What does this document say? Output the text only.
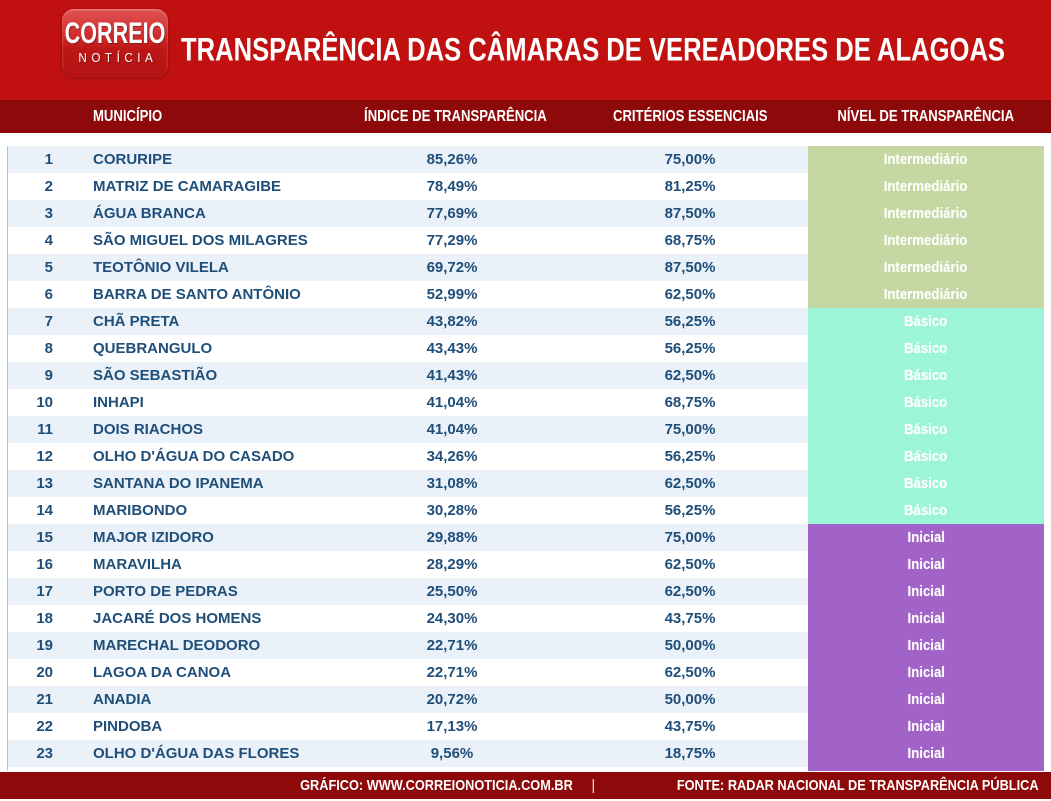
CORREIO
NOTÍCIA TRANSPARÊNCIA DAS CÂMARAS DE VEREADORES DE ALAGOAS
MUNICÍPIO	ÍNDICE DE TRANSPARÊNCIA	CRITÉRIOS ESSENCIAIS	NÍVEL DE TRANSPARÊNCIA
1	CORURIPE	85,26%	75,00%	Intermediário
2	MATRIZ DE CAMARAGIBE	78,49%	81,25%	Intermediário
3	ÁGUA BRANCA	77,69%	87,50%	Intermediário
4	SÃO MIGUEL DOS MILAGRES	77,29%	68,75%	Intermediário
5	TEOTÔNIO VILELA	69,72%	87,50%	Intermediário
6	BARRA DE SANTO ANTÔNIO	52,99%	62,50%	Intermediário
7	CHÃ PRETA	43,82%	56,25%	Básico
8	QUEBRANGULO	43,43%	56,25%	Básico
9	SÃO SEBASTIÃO	41,43%	62,50%	Básico
10	INHAPI	41,04%	68,75%	Básico
11	DOIS RIACHOS	41,04%	75,00%	Básico
12	OLHO D'ÁGUA DO CASADO	34,26%	56,25%	Básico
13	SANTANA DO IPANEMA	31,08%	62,50%	Básico
14	MARIBONDO	30,28%	56,25%	Básico
15	MAJOR IZIDORO	29,88%	75,00%	Inicial
16	MARAVILHA	28,29%	62,50%	Inicial
17	PORTO DE PEDRAS	25,50%	62,50%	Inicial
18	JACARÉ DOS HOMENS	24,30%	43,75%	Inicial
19	MARECHAL DEODORO	22,71%	50,00%	Inicial
20	LAGOA DA CANOA	22,71%	62,50%	Inicial
21	ANADIA	20,72%	50,00%	Inicial
22	PINDOBA	17,13%	43,75%	Inicial
23	OLHO D'ÁGUA DAS FLORES	9,56%	18,75%	Inicial
GRÁFICO: WWW.CORREIONOTICIA.COM.BR |	FONTE: RADAR NACIONAL DE TRANSPARÊNCIA PÚBLICA
